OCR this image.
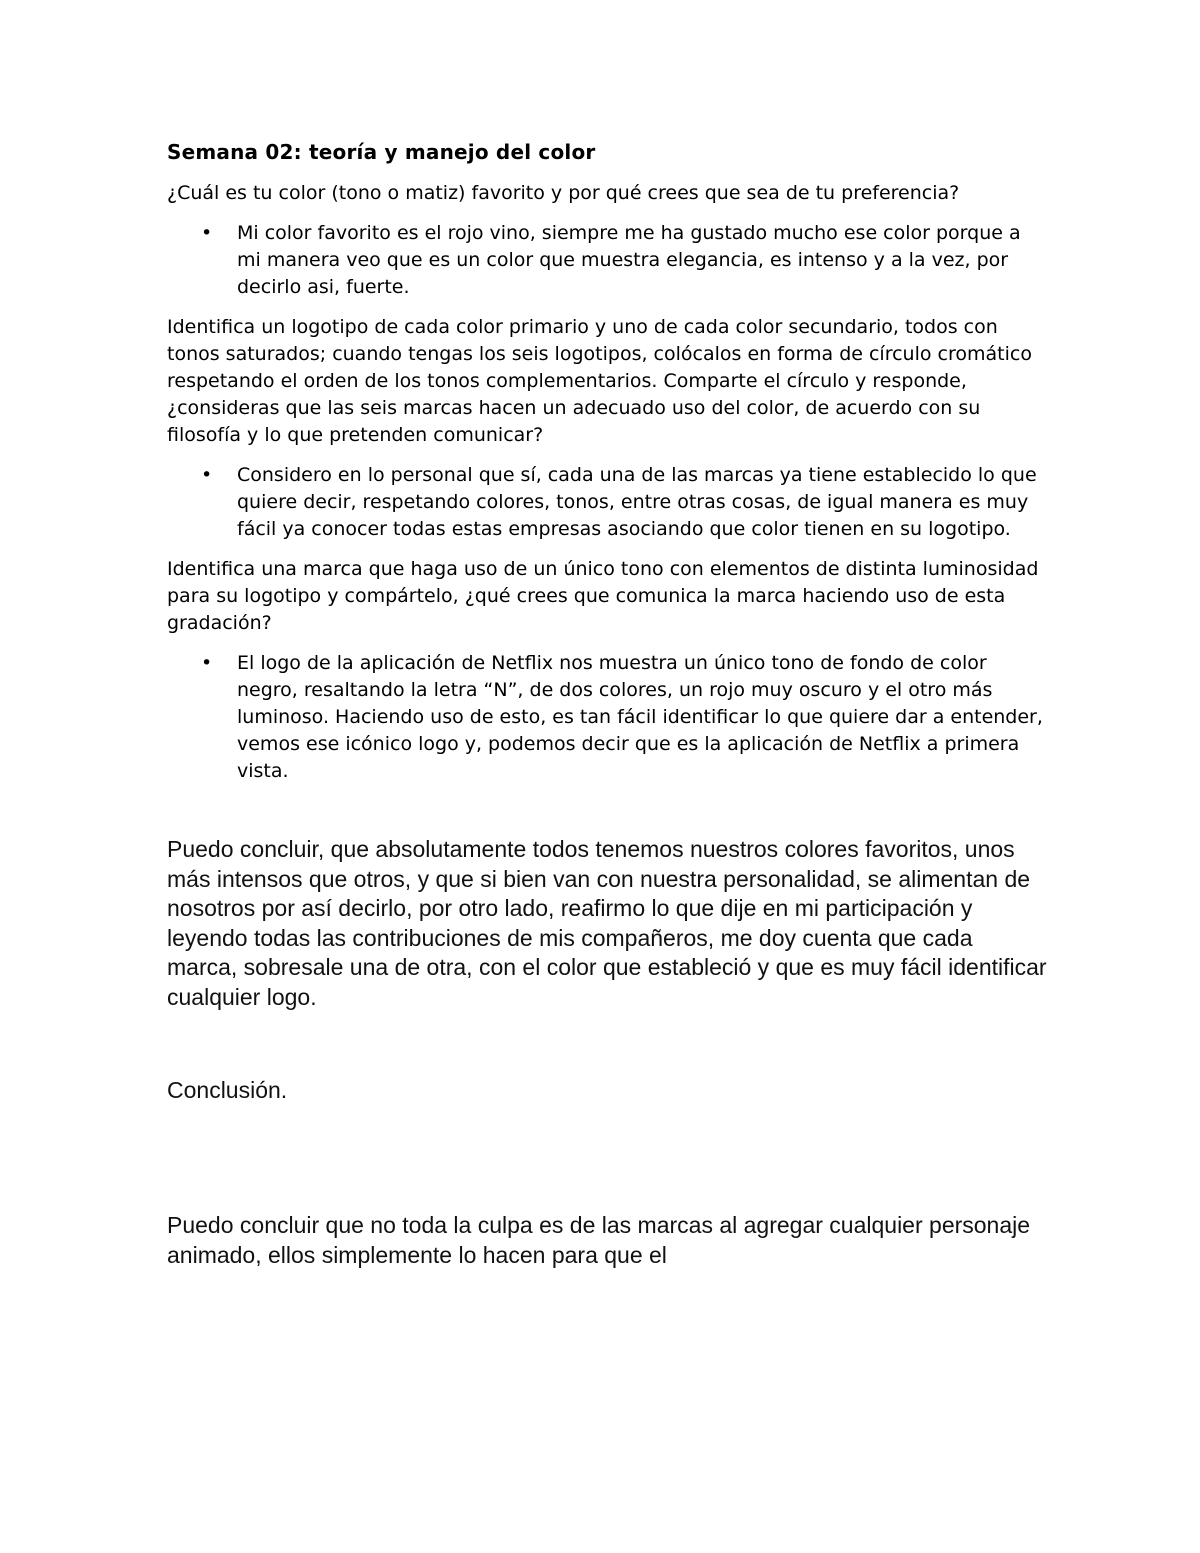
Semana 02: teoría y manejo del color

¿Cuál es tu color (tono o matiz) favorito y por qué crees que sea de tu preferencia?

• Mi color favorito es el rojo vino, siempre me ha gustado mucho ese color porque a mi manera veo que es un color que muestra elegancia, es intenso y a la vez, por decirlo asi, fuerte.

Identifica un logotipo de cada color primario y uno de cada color secundario, todos con tonos saturados; cuando tengas los seis logotipos, colócalos en forma de círculo cromático respetando el orden de los tonos complementarios. Comparte el círculo y responde, ¿consideras que las seis marcas hacen un adecuado uso del color, de acuerdo con su filosofía y lo que pretenden comunicar?

• Considero en lo personal que sí, cada una de las marcas ya tiene establecido lo que quiere decir, respetando colores, tonos, entre otras cosas, de igual manera es muy fácil ya conocer todas estas empresas asociando que color tienen en su logotipo.

Identifica una marca que haga uso de un único tono con elementos de distinta luminosidad para su logotipo y compártelo, ¿qué crees que comunica la marca haciendo uso de esta gradación?

• El logo de la aplicación de Netflix nos muestra un único tono de fondo de color negro, resaltando la letra “N”, de dos colores, un rojo muy oscuro y el otro más luminoso. Haciendo uso de esto, es tan fácil identificar lo que quiere dar a entender, vemos ese icónico logo y, podemos decir que es la aplicación de Netflix a primera vista.

Puedo concluir, que absolutamente todos tenemos nuestros colores favoritos, unos más intensos que otros, y que si bien van con nuestra personalidad, se alimentan de nosotros por así decirlo, por otro lado, reafirmo lo que dije en mi participación y leyendo todas las contribuciones de mis compañeros, me doy cuenta que cada marca, sobresale una de otra, con el color que estableció y que es muy fácil identificar cualquier logo.

Conclusión.

Puedo concluir que no toda la culpa es de las marcas al agregar cualquier personaje animado, ellos simplemente lo hacen para que el
